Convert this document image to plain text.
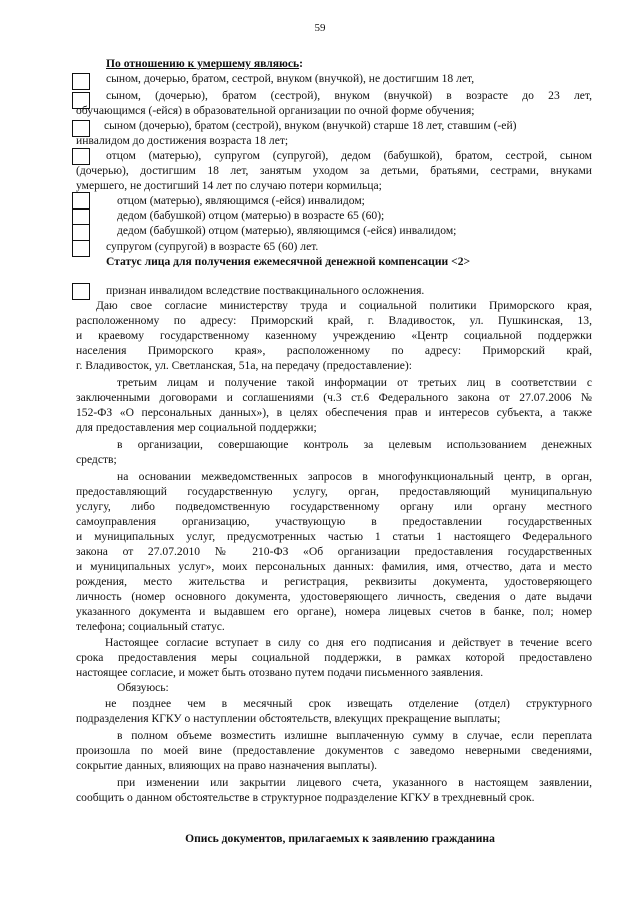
59
По отношению к умершему являюсь:
сыном, дочерью, братом, сестрой, внуком (внучкой), не достигшим 18 лет,
сыном, (дочерью), братом (сестрой), внуком (внучкой) в возрасте до 23 лет,
обучающимся (-ейся) в образовательной организации по очной форме обучения;
сыном (дочерью), братом (сестрой), внуком (внучкой) старше 18 лет, ставшим (-ей)
инвалидом до достижения возраста 18 лет;
отцом (матерью), супругом (супругой), дедом (бабушкой), братом, сестрой, сыном
(дочерью), достигшим 18 лет, занятым уходом за детьми, братьями, сестрами, внуками
умершего, не достигший 14 лет по случаю потери кормильца;
отцом (матерью), являющимся (-ейся) инвалидом;
дедом (бабушкой) отцом (матерью) в возрасте 65 (60);
дедом (бабушкой) отцом (матерью), являющимся (-ейся) инвалидом;
супругом (супругой) в возрасте 65 (60) лет.
Статус лица для получения ежемесячной денежной компенсации <2>
признан инвалидом вследствие поствакцинального осложнения.
Даю свое согласие министерству труда и социальной политики Приморского края,
расположенному по адресу: Приморский край, г. Владивосток, ул. Пушкинская, 13,
и краевому государственному казенному учреждению «Центр социальной поддержки
населения Приморского края», расположенному по адресу: Приморский край,
г. Владивосток, ул. Светланская, 51а, на передачу (предоставление):
третьим лицам и получение такой информации от третьих лиц в соответствии с
заключенными договорами и соглашениями (ч.3 ст.6 Федерального закона от 27.07.2006 №
152-ФЗ «О персональных данных»), в целях обеспечения прав и интересов субъекта, а также
для предоставления мер социальной поддержки;
в организации, совершающие контроль за целевым использованием денежных
средств;
на основании межведомственных запросов в многофункциональный центр, в орган,
предоставляющий государственную услугу, орган, предоставляющий муниципальную
услугу, либо подведомственную государственному органу или органу местного
самоуправления организацию, участвующую в предоставлении государственных
и муниципальных услуг, предусмотренных частью 1 статьи 1 настоящего Федерального
закона от 27.07.2010 № 210-ФЗ «Об организации предоставления государственных
и муниципальных услуг», моих персональных данных: фамилия, имя, отчество, дата и место
рождения, место жительства и регистрация, реквизиты документа, удостоверяющего
личность (номер основного документа, удостоверяющего личность, сведения о дате выдачи
указанного документа и выдавшем его органе), номера лицевых счетов в банке, пол; номер
телефона; социальный статус.
Настоящее согласие вступает в силу со дня его подписания и действует в течение всего
срока предоставления меры социальной поддержки, в рамках которой предоставлено
настоящее согласие, и может быть отозвано путем подачи письменного заявления.
Обязуюсь:
не позднее чем в месячный срок извещать отделение (отдел) структурного
подразделения КГКУ о наступлении обстоятельств, влекущих прекращение выплаты;
в полном объеме возместить излишне выплаченную сумму в случае, если переплата
произошла по моей вине (предоставление документов с заведомо неверными сведениями,
сокрытие данных, влияющих на право назначения выплаты).
при изменении или закрытии лицевого счета, указанного в настоящем заявлении,
сообщить о данном обстоятельстве в структурное подразделение КГКУ в трехдневный срок.
Опись документов, прилагаемых к заявлению гражданина
